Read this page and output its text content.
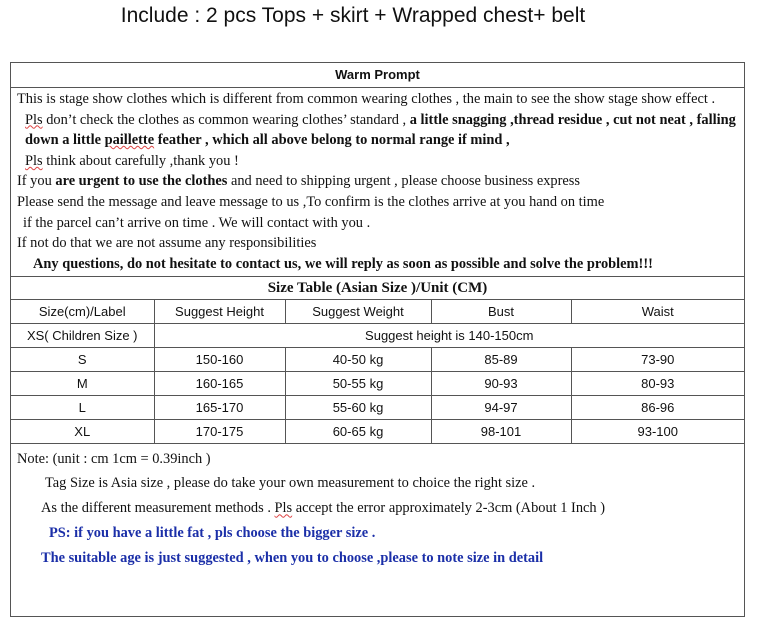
Include : 2 pcs Tops + skirt + Wrapped chest+ belt
Warm Prompt
This is stage show clothes which is different from common wearing clothes , the main to see the show stage show effect .
Pls don’t check the clothes as common wearing clothes’ standard , a little snagging ,thread residue , cut not neat , falling down a little paillette feather , which all above belong to normal range if mind ,
Pls think about carefully ,thank you !
If you are urgent to use the clothes and need to shipping urgent , please choose business express
Please send the message and leave message to us ,To confirm is the clothes arrive at you hand on time
if the parcel can’t arrive on time . We will contact with you .
If not do that we are not assume any responsibilities
Any questions, do not hesitate to contact us, we will reply as soon as possible and solve the problem!!!
Size Table (Asian Size )/Unit (CM)
Size(cm)/Label	Suggest Height	Suggest Weight	Bust	Waist
XS( Children Size )	Suggest height is 140-150cm			
S	150-160	40-50 kg	85-89	73-90
M	160-165	50-55 kg	90-93	80-93
L	165-170	55-60 kg	94-97	86-96
XL	170-175	60-65 kg	98-101	93-100
Note: (unit : cm 1cm = 0.39inch )
Tag Size is Asia size , please do take your own measurement to choice the right size .
As the different measurement methods . Pls accept the error approximately 2-3cm (About 1 Inch )
PS: if you have a little fat , pls choose the bigger size .
The suitable age is just suggested , when you to choose ,please to note size in detail
